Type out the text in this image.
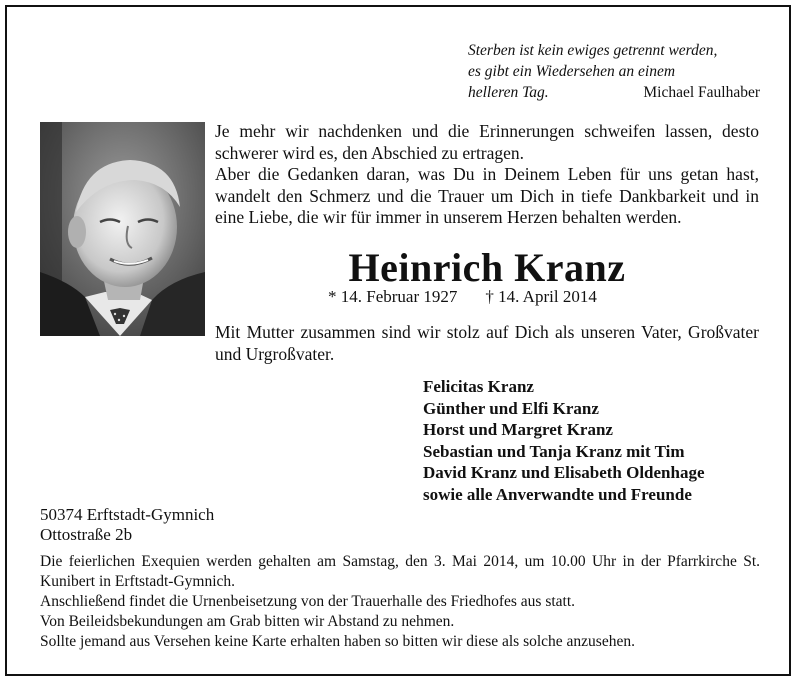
Sterben ist kein ewiges getrennt werden,
es gibt ein Wiedersehen an einem
helleren Tag.	Michael Faulhaber
Je mehr wir nachdenken und die Erinnerungen schweifen lassen, desto schwerer wird es, den Abschied zu ertragen.
Aber die Gedanken daran, was Du in Deinem Leben für uns getan hast, wandelt den Schmerz und die Trauer um Dich in tiefe Dankbarkeit und in eine Liebe, die wir für immer in unserem Herzen behalten werden.
Heinrich Kranz
* 14. Februar 1927 † 14. April 2014
Mit Mutter zusammen sind wir stolz auf Dich als unseren Vater, Großvater und Urgroßvater.
Felicitas Kranz
Günther und Elfi Kranz
Horst und Margret Kranz
Sebastian und Tanja Kranz mit Tim
David Kranz und Elisabeth Oldenhage
sowie alle Anverwandte und Freunde
50374 Erftstadt-Gymnich
Ottostraße 2b
Die feierlichen Exequien werden gehalten am Samstag, den 3. Mai 2014, um 10.00 Uhr in der Pfarrkirche St. Kunibert in Erftstadt-Gymnich.
Anschließend findet die Urnenbeisetzung von der Trauerhalle des Friedhofes aus statt.
Von Beileidsbekundungen am Grab bitten wir Abstand zu nehmen.
Sollte jemand aus Versehen keine Karte erhalten haben so bitten wir diese als solche anzusehen.
